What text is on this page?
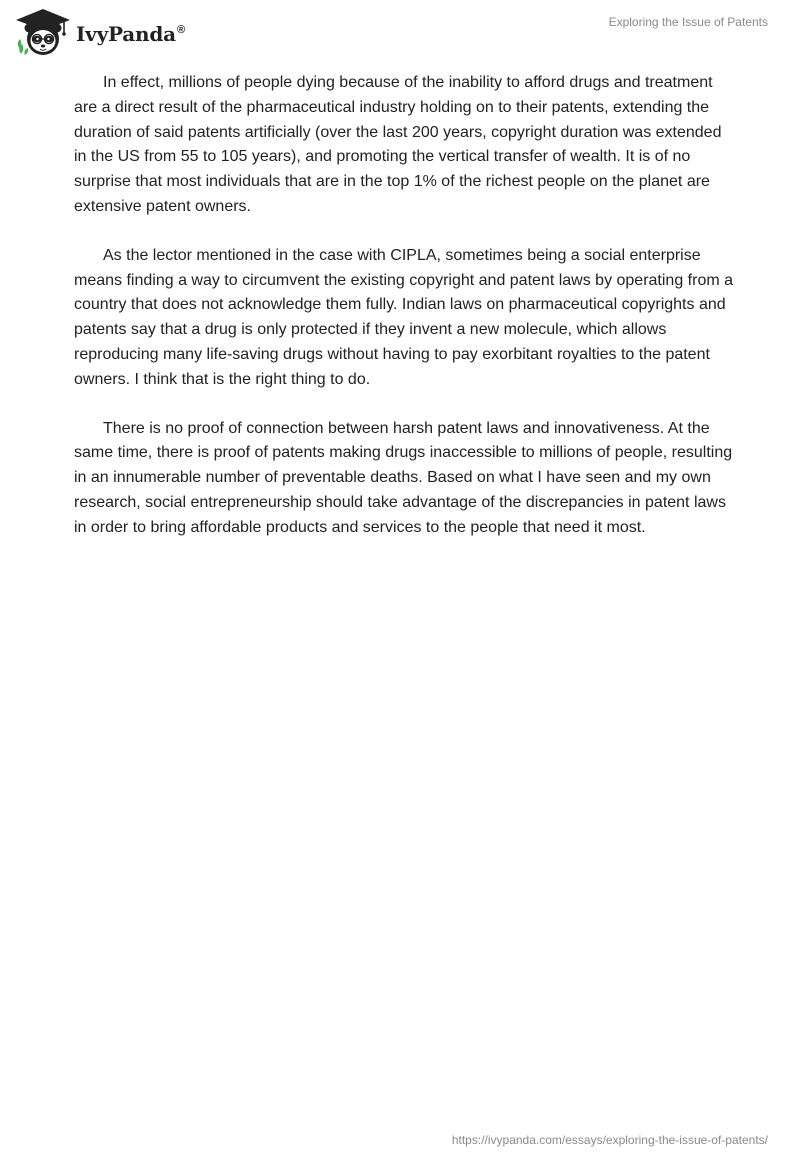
IvyPanda®
Exploring the Issue of Patents

In effect, millions of people dying because of the inability to afford drugs and treatment are a direct result of the pharmaceutical industry holding on to their patents, extending the duration of said patents artificially (over the last 200 years, copyright duration was extended in the US from 55 to 105 years), and promoting the vertical transfer of wealth. It is of no surprise that most individuals that are in the top 1% of the richest people on the planet are extensive patent owners.

As the lector mentioned in the case with CIPLA, sometimes being a social enterprise means finding a way to circumvent the existing copyright and patent laws by operating from a country that does not acknowledge them fully. Indian laws on pharmaceutical copyrights and patents say that a drug is only protected if they invent a new molecule, which allows reproducing many life-saving drugs without having to pay exorbitant royalties to the patent owners. I think that is the right thing to do.

There is no proof of connection between harsh patent laws and innovativeness. At the same time, there is proof of patents making drugs inaccessible to millions of people, resulting in an innumerable number of preventable deaths. Based on what I have seen and my own research, social entrepreneurship should take advantage of the discrepancies in patent laws in order to bring affordable products and services to the people that need it most.

https://ivypanda.com/essays/exploring-the-issue-of-patents/
